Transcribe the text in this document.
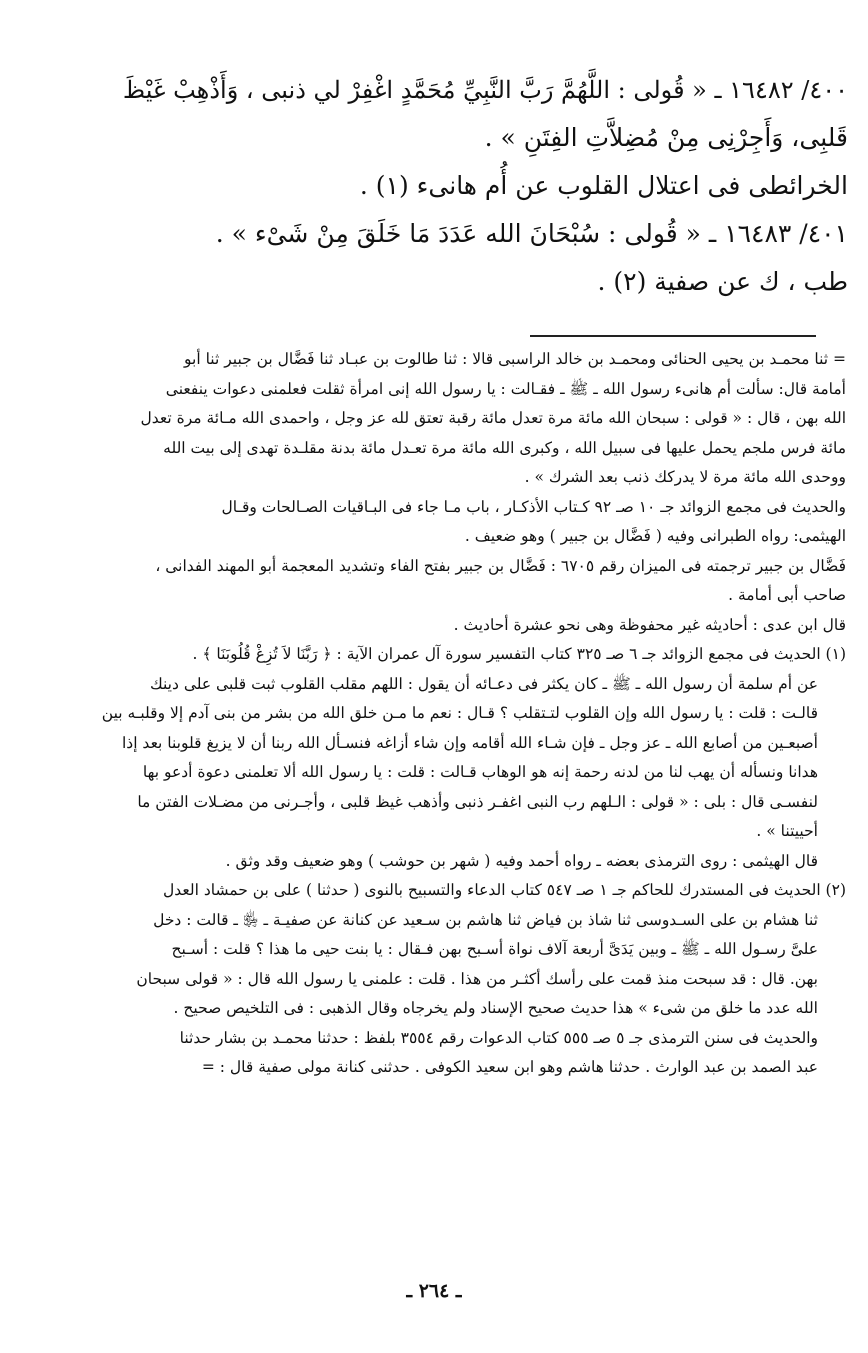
٤٠٠/ ١٦٤٨٢ ـ « قُولى : اللَّهُمَّ رَبَّ النَّبِيِّ مُحَمَّدٍ اغْفِرْ لي ذنبى ، وَأَذْهِبْ غَيْظَ

قَلبِى، وَأَجِرْنِى مِنْ مُضِلاَّتِ الفِتَنِ » .

الخرائطى فى اعتلال القلوب عن أُم هانىء (١) .

٤٠١/ ١٦٤٨٣ ـ « قُولى : سُبْحَانَ الله عَدَدَ مَا خَلَقَ مِنْ شَىْء » .

طب ، ك عن صفية (٢) .

= ثنا محمـد بن يحيى الحنائى ومحمـد بن خالد الراسبى قالا : ثنا طالوت بن عبـاد ثنا فَضَّال بن جبير ثنا أبو

أمامة قال: سألت أم هانىء رسول الله ـ ﷺ ـ فقـالت : يا رسول الله إنى امرأة ثقلت فعلمنى دعوات ينفعنى

الله بهن ، قال : « قولى : سبحان الله مائة مرة تعدل مائة رقبة تعتق لله عز وجل ، واحمدى الله مـائة مرة تعدل

مائة فرس ملجم يحمل عليها فى سبيل الله ، وكبرى الله مائة مرة تعـدل مائة بدنة مقلـدة تهدى إلى بيت الله

ووحدى الله مائة مرة لا يدركك ذنب بعد الشرك » .

والحديث فى مجمع الزوائد جـ ١٠ صـ ٩٢ كـتاب الأذكـار ، باب مـا جاء فى البـاقيات الصـالحات وقـال

الهيثمى: رواه الطبرانى وفيه ( فَضَّال بن جبير ) وهو ضعيف .

فَضَّال بن جبير ترجمته فى الميزان رقم ٦٧٠٥ : فَضَّال بن جبير بفتح الفاء وتشديد المعجمة أبو المهند الفدانى ،

صاحب أبى أمامة .

قال ابن عدى : أحاديثه غير محفوظة وهى نحو عشرة أحاديث .

(١) الحديث فى مجمع الزوائد جـ ٦ صـ ٣٢٥ كتاب التفسير سورة آل عمران الآية : ﴿ رَبَّنَا لاَ تُزِغْ قُلُوبَنَا ﴾ .

عن أم سلمة أن رسول الله ـ ﷺ ـ كان يكثر فى دعـائه أن يقول : اللهم مقلب القلوب ثبت قلبى على دينك

قالـت : قلت : يا رسول الله وإن القلوب لتـتقلب ؟ قـال : نعم ما مـن خلق الله من بشر من بنى آدم إلا وقلبـه بين

أصبعـين من أصابع الله ـ عز وجل ـ فإن شـاء الله أقامه وإن شاء أزاغه فنسـأل الله ربنا أن لا يزيغ قلوبنا بعد إذا

هدانا ونسأله أن يهب لنا من لدنه رحمة إنه هو الوهاب قـالت : قلت : يا رسول الله ألا تعلمنى دعوة أدعو بها

لنفسـى قال : بلى : « قولى : الـلهم رب النبى اغفـر ذنبى وأذهب غيظ قلبى ، وأجـرنى من مضـلات الفتن ما

أحييتنا » .

قال الهيثمى : روى الترمذى بعضه ـ رواه أحمد وفيه ( شهر بن حوشب ) وهو ضعيف وقد وثق .

(٢) الحديث فى المستدرك للحاكم جـ ١ صـ ٥٤٧ كتاب الدعاء والتسبيح بالنوى ( حدثنا ) على بن حمشاد العدل

ثنا هشام بن على السـدوسى ثنا شاذ بن فياض ثنا هاشم بن سـعيد عن كنانة عن صفيـة ـ ﵂ ـ قالت : دخل

علىَّ رسـول الله ـ ﷺ ـ وبين يَدَىَّ أربعة آلاف نواة أسـبح بهن فـقال : يا بنت حيى ما هذا ؟ قلت : أسـبح

بهن. قال : قد سبحت منذ قمت على رأسك أكثـر من هذا . قلت : علمنى يا رسول الله قال : « قولى سبحان

الله عدد ما خلق من شىء » هذا حديث صحيح الإسناد ولم يخرجاه وقال الذهبى : فى التلخيص صحيح .

والحديث فى سنن الترمذى جـ ٥ صـ ٥٥٥ كتاب الدعوات رقم ٣٥٥٤ بلفظ : حدثنا محمـد بن بشار حدثنا

عبد الصمد بن عبد الوارث . حدثنا هاشم وهو ابن سعيد الكوفى . حدثنى كنانة مولى صفية قال : =

ـ ٢٦٤ ـ
